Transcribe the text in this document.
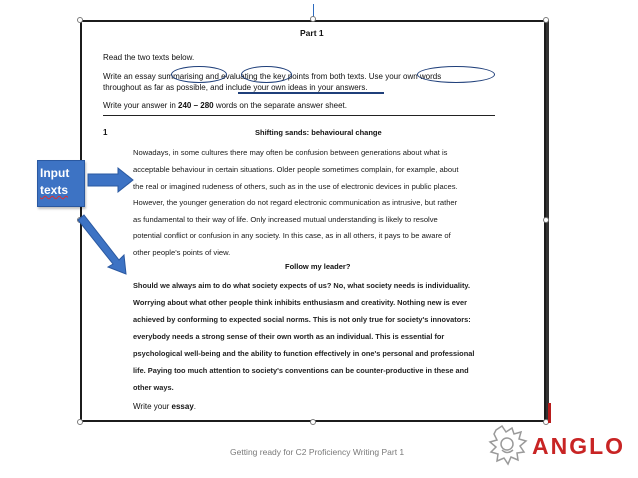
Part 1
Read the two texts below.
Write an essay summarising and evaluating the key points from both texts. Use your own words
throughout as far as possible, and include your own ideas in your answers.
Write your answer in 240 – 280 words on the separate answer sheet.
1	Shifting sands: behavioural change
Nowadays, in some cultures there may often be confusion between generations about what is
acceptable behaviour in certain situations. Older people sometimes complain, for example, about
the real or imagined rudeness of others, such as in the use of electronic devices in public places.
However, the younger generation do not regard electronic communication as intrusive, but rather
as fundamental to their way of life. Only increased mutual understanding is likely to resolve
potential conflict or confusion in any society. In this case, as in all others, it pays to be aware of
other people's points of view.
Follow my leader?
Should we always aim to do what society expects of us? No, what society needs is individuality.
Worrying about what other people think inhibits enthusiasm and creativity. Nothing new is ever
achieved by conforming to expected social norms. This is not only true for society's innovators:
everybody needs a strong sense of their own worth as an individual. This is essential for
psychological well-being and the ability to function effectively in one's personal and professional
life. Paying too much attention to society's conventions can be counter-productive in these and
other ways.
Write your essay.
Input
texts
Getting ready for C2 Proficiency Writing Part 1	ANGLO
